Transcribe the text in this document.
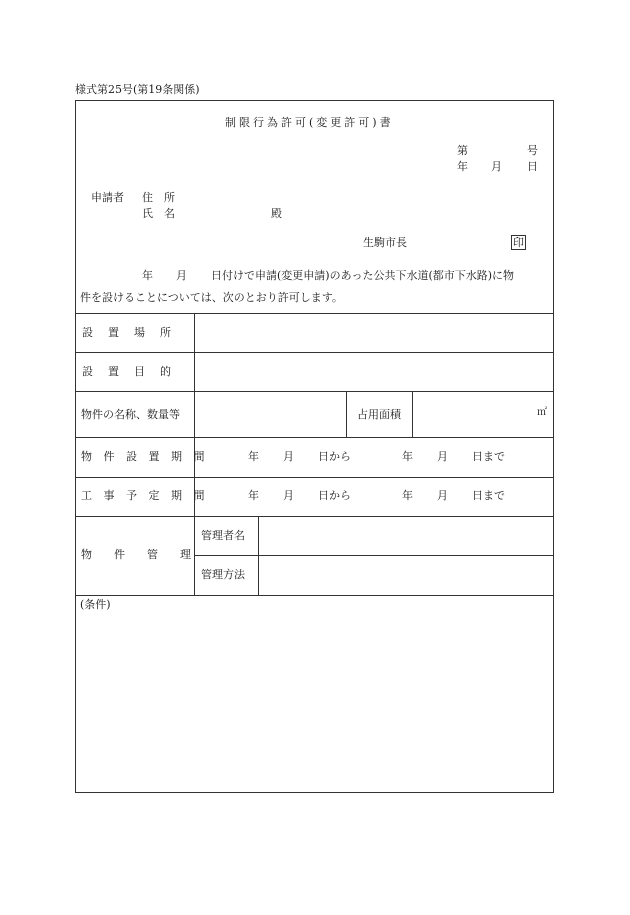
様式第25号(第19条関係)
制限行為許可(変更許可)書
第	号
年 月 日
申請者 住　所
氏　名	殿
生駒市長	印
年 月 日付けで申請(変更申請)のあった公共下水道(都市下水路)に物
件を設けることについては、次のとおり許可します。
設　置　場　所
設　置　目　的
物件の名称、数量等	占用面積	㎡
物 件 設 置 期 間	年 月 日から	年 月 日まで
工 事 予 定 期 間	年 月 日から	年 月 日まで
物　　件　　管　　理
管理者名
管理方法
(条件)
